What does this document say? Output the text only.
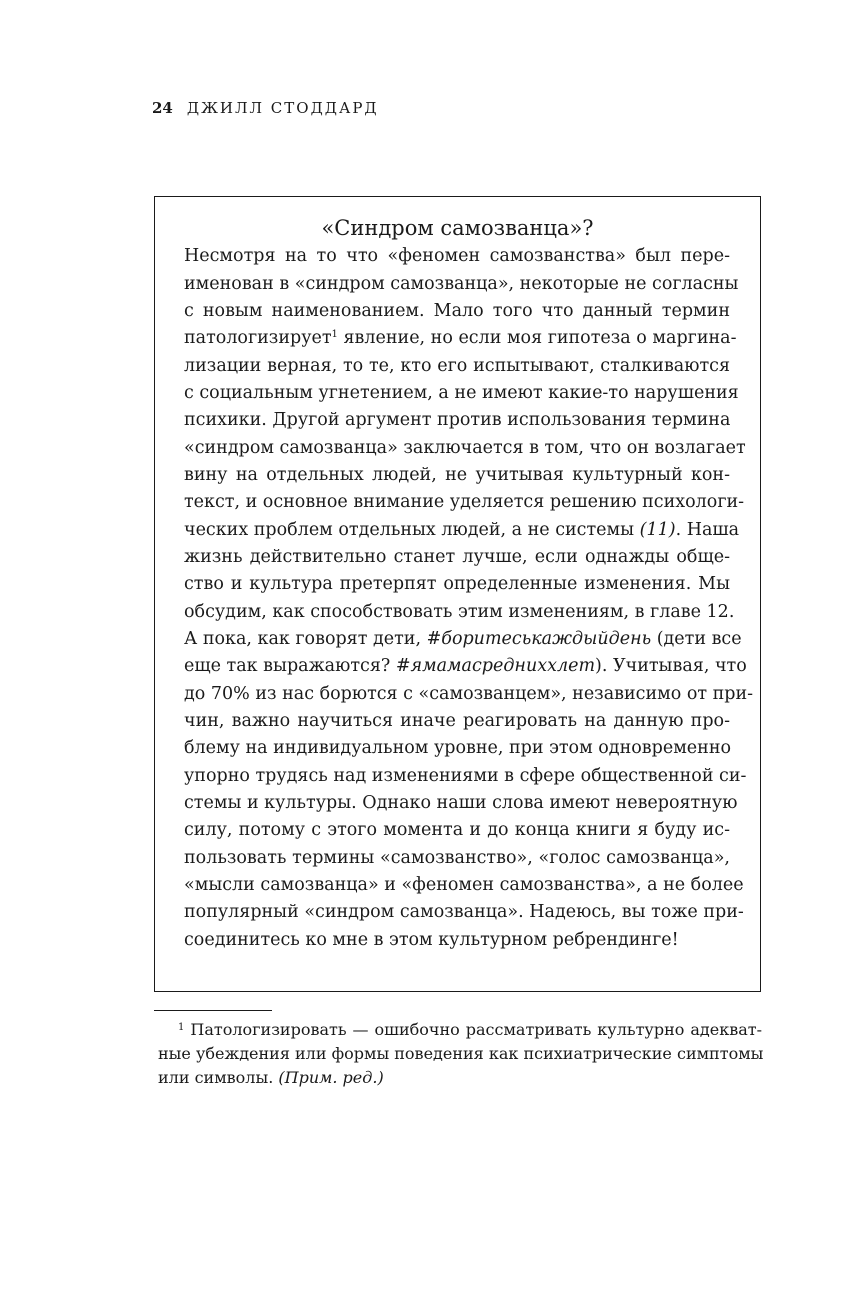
24 ДЖИЛЛ СТОДДАРД
«Синдром самозванца»?
Несмотря на то что «феномен самозванства» был пере-
именован в «синдром самозванца», некоторые не согласны
с новым наименованием. Мало того что данный термин
патологизирует$^1$ явление, но если моя гипотеза о маргина-
лизации верная, то те, кто его испытывают, сталкиваются
с социальным угнетением, а не имеют какие-то нарушения
психики. Другой аргумент против использования термина
«синдром самозванца» заключается в том, что он возлагает
вину на отдельных людей, не учитывая культурный кон-
текст, и основное внимание уделяется решению психологи-
ческих проблем отдельных людей, а не системы (11). Наша
жизнь действительно станет лучше, если однажды обще-
ство и культура претерпят определенные изменения. Мы
обсудим, как способствовать этим изменениям, в главе 12.
А пока, как говорят дети, #боритеськаждыйдень (дети все
еще так выражаются? #ямамасредниххлет). Учитывая, что
до 70% из нас борются с «самозванцем», независимо от при-
чин, важно научиться иначе реагировать на данную про-
блему на индивидуальном уровне, при этом одновременно
упорно трудясь над изменениями в сфере общественной си-
стемы и культуры. Однако наши слова имеют невероятную
силу, потому с этого момента и до конца книги я буду ис-
пользовать термины «самозванство», «голос самозванца»,
«мысли самозванца» и «феномен самозванства», а не более
популярный «синдром самозванца». Надеюсь, вы тоже при-
соединитесь ко мне в этом культурном ребрендинге!
$^1$ Патологизировать — ошибочно рассматривать культурно адекват-
ные убеждения или формы поведения как психиатрические симптомы
или символы. (Прим. ред.)
